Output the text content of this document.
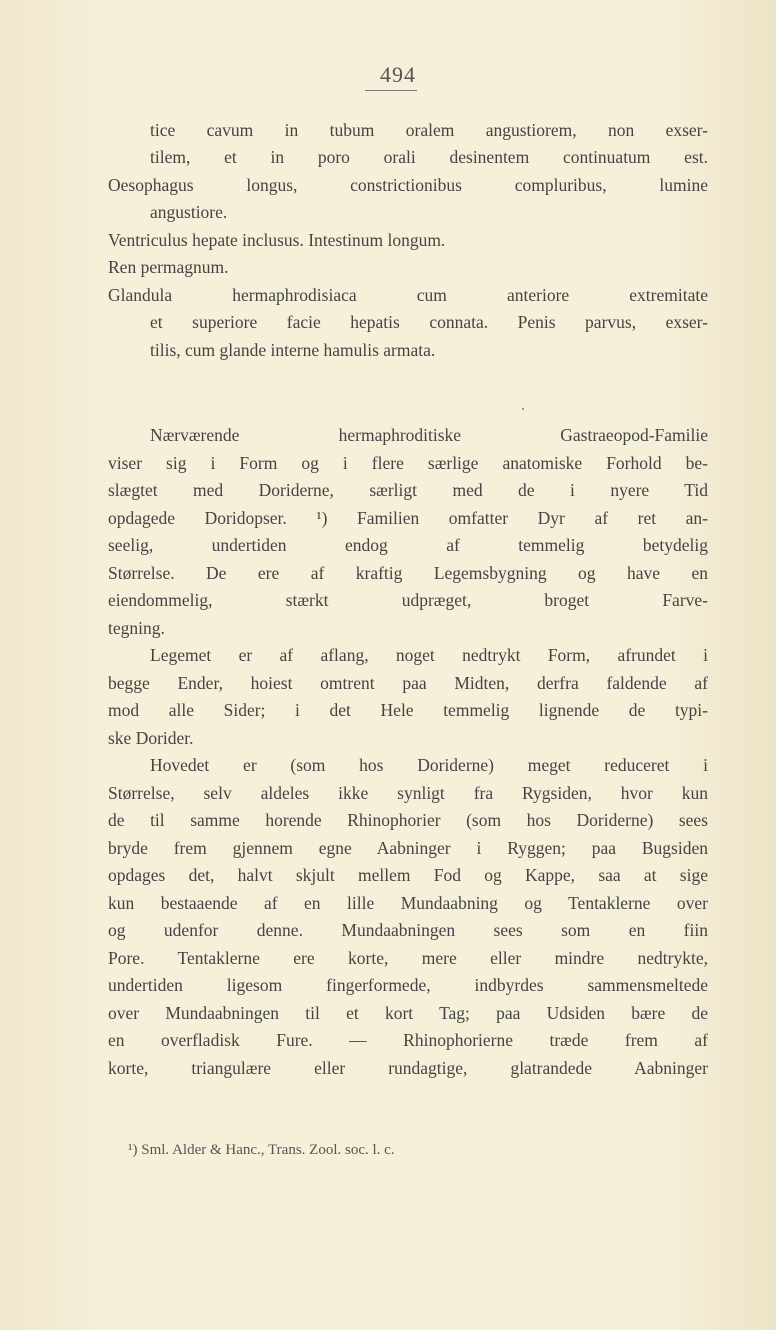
494
tice cavum in tubum oralem angustiorem, non exser-
tilem, et in poro orali desinentem continuatum est.
Oesophagus longus, constrictionibus compluribus, lumine
angustiore.
Ventriculus hepate inclusus. Intestinum longum.
Ren permagnum.
Glandula hermaphrodisiaca cum anteriore extremitate
et superiore facie hepatis connata. Penis parvus, exser-
tilis, cum glande interne hamulis armata.
Nærværende hermaphroditiske Gastraeopod-Familie
viser sig i Form og i flere særlige anatomiske Forhold be-
slægtet med Doriderne, særligt med de i nyere Tid
opdagede Doridopser. ¹) Familien omfatter Dyr af ret an-
seelig, undertiden endog af temmelig betydelig
Størrelse. De ere af kraftig Legemsbygning og have en
eiendommelig, stærkt udpræget, broget Farve-
tegning.
Legemet er af aflang, noget nedtrykt Form, afrundet i
begge Ender, hoiest omtrent paa Midten, derfra faldende af
mod alle Sider; i det Hele temmelig lignende de typi-
ske Dorider.
Hovedet er (som hos Doriderne) meget reduceret i
Størrelse, selv aldeles ikke synligt fra Rygsiden, hvor kun
de til samme horende Rhinophorier (som hos Doriderne) sees
bryde frem gjennem egne Aabninger i Ryggen; paa Bugsiden
opdages det, halvt skjult mellem Fod og Kappe, saa at sige
kun bestaaende af en lille Mundaabning og Tentaklerne over
og udenfor denne. Mundaabningen sees som en fiin
Pore. Tentaklerne ere korte, mere eller mindre nedtrykte,
undertiden ligesom fingerformede, indbyrdes sammensmeltede
over Mundaabningen til et kort Tag; paa Udsiden bære de
en overfladisk Fure. — Rhinophorierne træde frem af
korte, triangulære eller rundagtige, glatrandede Aabninger
¹) Sml. Alder & Hanc., Trans. Zool. soc. l. c.
